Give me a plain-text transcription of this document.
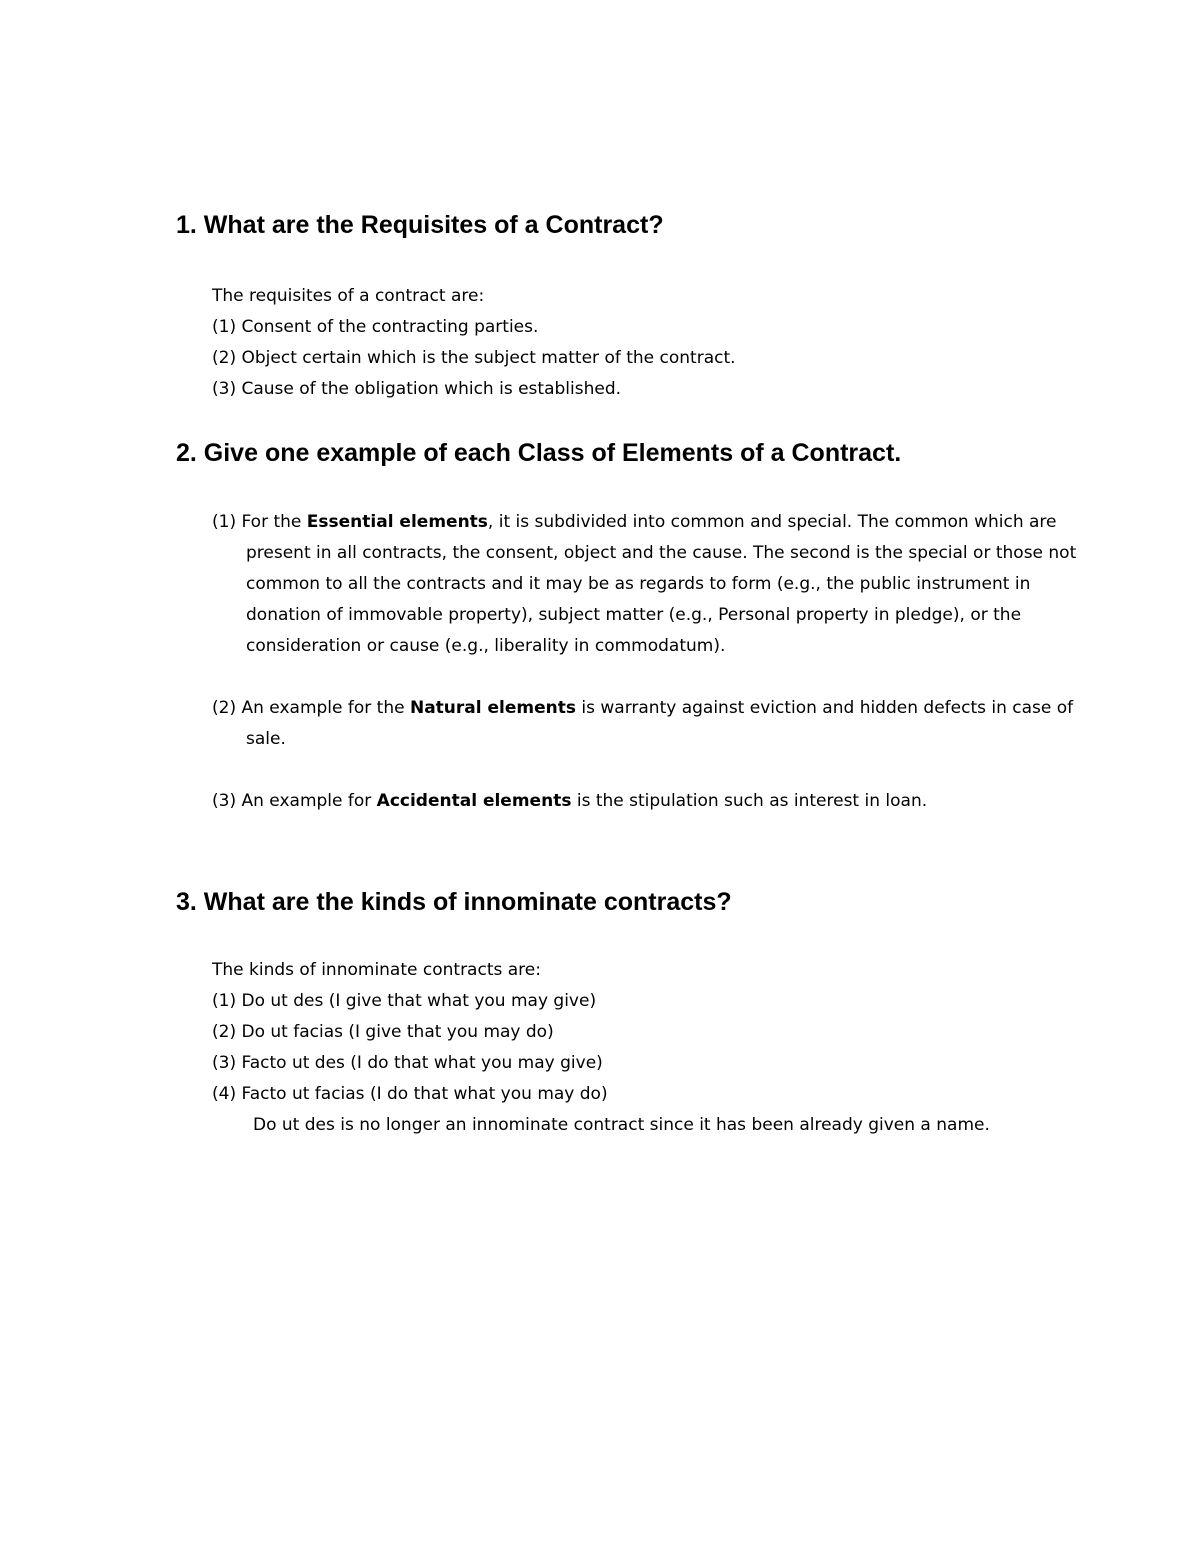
1. What are the Requisites of a Contract?

The requisites of a contract are:

(1) Consent of the contracting parties.

(2) Object certain which is the subject matter of the contract.

(3) Cause of the obligation which is established.

2. Give one example of each Class of Elements of a Contract.

(1) For the Essential elements, it is subdivided into common and special. The common which are present in all contracts, the consent, object and the cause. The second is the special or those not common to all the contracts and it may be as regards to form (e.g., the public instrument in donation of immovable property), subject matter (e.g., Personal property in pledge), or the consideration or cause (e.g., liberality in commodatum).

(2) An example for the Natural elements is warranty against eviction and hidden defects in case of sale.

(3) An example for Accidental elements is the stipulation such as interest in loan.

3. What are the kinds of innominate contracts?

The kinds of innominate contracts are:

(1) Do ut des (I give that what you may give)

(2) Do ut facias (I give that you may do)

(3) Facto ut des (I do that what you may give)

(4) Facto ut facias (I do that what you may do)

Do ut des is no longer an innominate contract since it has been already given a name.
